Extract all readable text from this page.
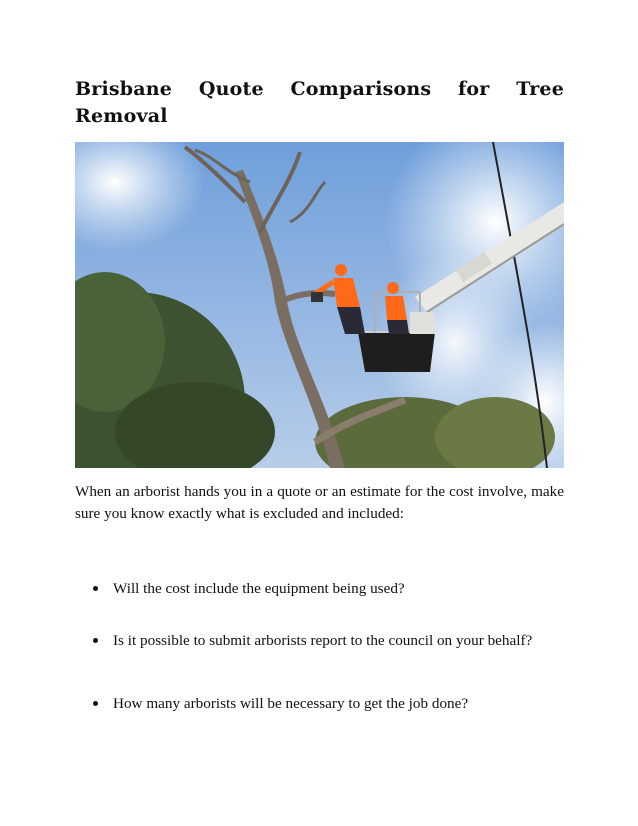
Brisbane Quote Comparisons for Tree Removal

When an arborist hands you in a quote or an estimate for the cost involve, make sure you know exactly what is excluded and included:

Will the cost include the equipment being used?
Is it possible to submit arborists report to the council on your behalf?
How many arborists will be necessary to get the job done?
